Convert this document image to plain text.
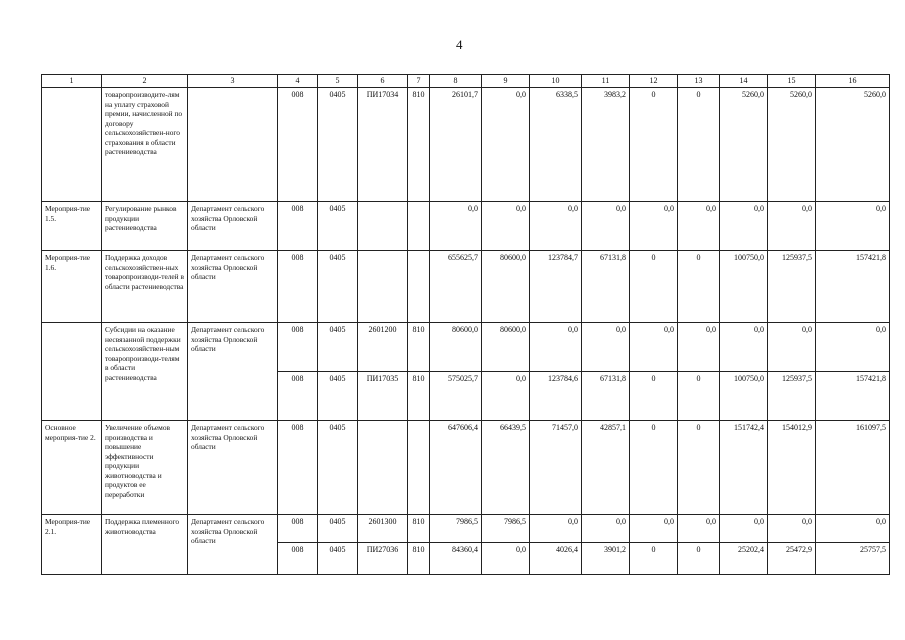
4
1	2	3	4	5	6	7	8	9	10	11	12	13	14	15	16
	товаропроизводите-лям на уплату страховой премии, начисленной по договору сельскохозяйствен-ного страхования в области растениеводства		008	0405	ПИ17034	810	26101,7	0,0	6338,5	3983,2	0	0	5260,0	5260,0	5260,0
Мероприя-тие 1.5.	Регулирование рынков продукции растениеводства	Департамент сельского хозяйства Орловской области	008	0405			0,0	0,0	0,0	0,0	0,0	0,0	0,0	0,0	0,0
Мероприя-тие 1.6.	Поддержка доходов сельскохозяйствен-ных товаропроизводи-телей в области растениеводства	Департамент сельского хозяйства Орловской области	008	0405			655625,7	80600,0	123784,7	67131,8	0	0	100750,0	125937,5	157421,8
	Субсидии на оказание несвязанной поддержки сельскохозяйствен-ным товаропроизводи-телям в области растениеводства	Департамент сельского хозяйства Орловской области	008	0405	2601200	810	80600,0	80600,0	0,0	0,0	0,0	0,0	0,0	0,0	0,0
			008	0405	ПИ17035	810	575025,7	0,0	123784,6	67131,8	0	0	100750,0	125937,5	157421,8
Основное мероприя-тие 2.	Увеличение объемов производства и повышение эффективности продукции животноводства и продуктов ее переработки	Департамент сельского хозяйства Орловской области	008	0405			647606,4	66439,5	71457,0	42857,1	0	0	151742,4	154012,9	161097,5
Мероприя-тие 2.1.	Поддержка племенного животноводства	Департамент сельского хозяйства Орловской области	008	0405	2601300	810	7986,5	7986,5	0,0	0,0	0,0	0,0	0,0	0,0	0,0
			008	0405	ПИ27036	810	84360,4	0,0	4026,4	3901,2	0	0	25202,4	25472,9	25757,5
